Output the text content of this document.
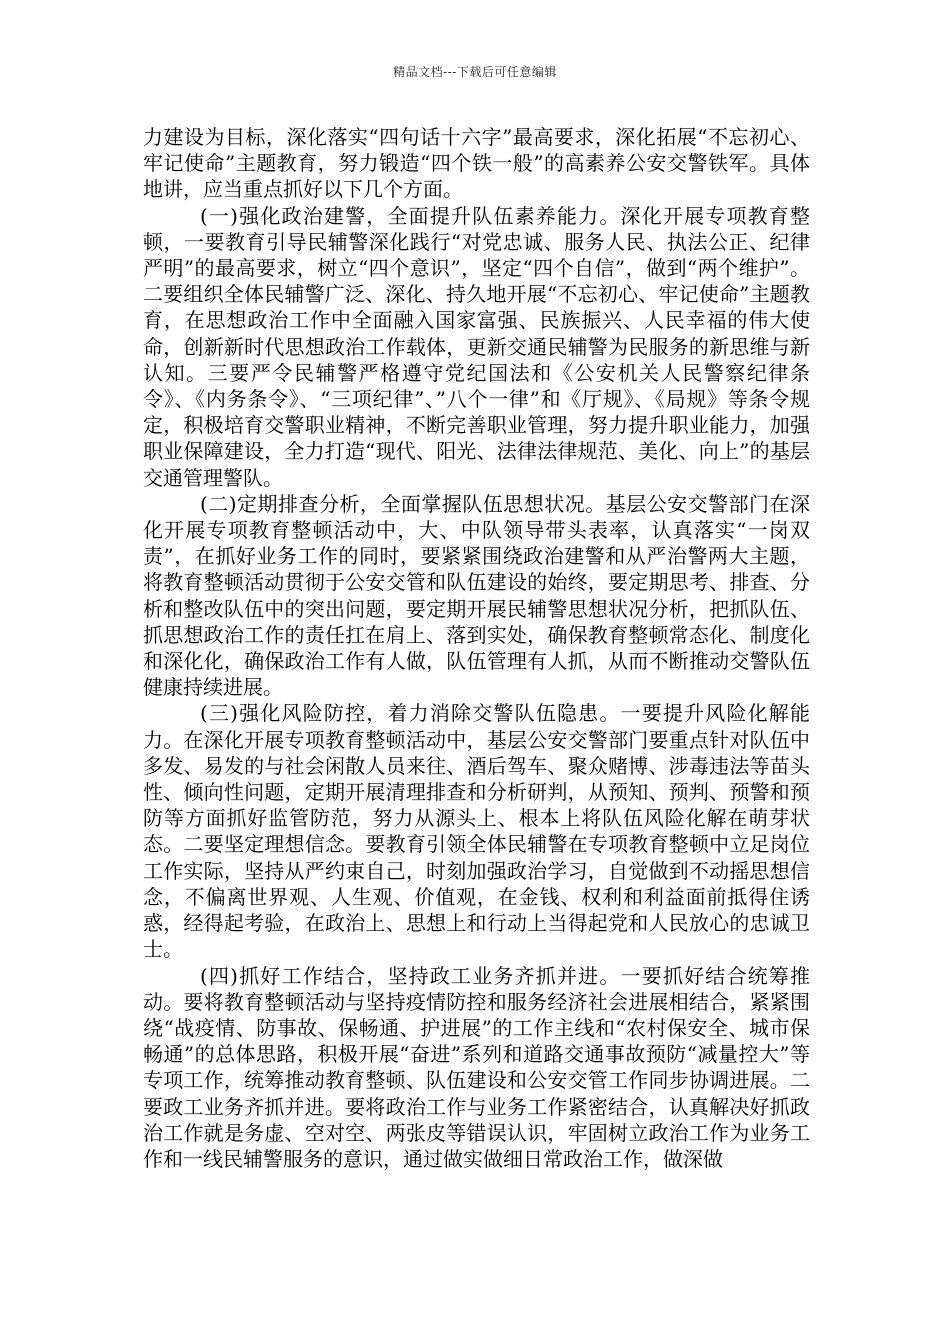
精品文档---下载后可任意编辑

力建设为目标，深化落实“四句话十六字”最高要求，深化拓展“不忘初心、牢记使命”主题教育，努力锻造“四个铁一般”的高素养公安交警铁军。具体地讲，应当重点抓好以下几个方面。

(一)强化政治建警，全面提升队伍素养能力。深化开展专项教育整顿，一要教育引导民辅警深化践行“对党忠诚、服务人民、执法公正、纪律严明”的最高要求，树立“四个意识”，坚定“四个自信”，做到“两个维护”。二要组织全体民辅警广泛、深化、持久地开展“不忘初心、牢记使命”主题教育，在思想政治工作中全面融入国家富强、民族振兴、人民幸福的伟大使命，创新新时代思想政治工作载体，更新交通民辅警为民服务的新思维与新认知。三要严令民辅警严格遵守党纪国法和《公安机关人民警察纪律条令》、《内务条令》、“三项纪律”、”八个一律”和《厅规》、《局规》等条令规定，积极培育交警职业精神，不断完善职业管理，努力提升职业能力，加强职业保障建设，全力打造“现代、阳光、法律法律规范、美化、向上”的基层交通管理警队。

(二)定期排查分析，全面掌握队伍思想状况。基层公安交警部门在深化开展专项教育整顿活动中，大、中队领导带头表率，认真落实“一岗双责”，在抓好业务工作的同时，要紧紧围绕政治建警和从严治警两大主题，将教育整顿活动贯彻于公安交管和队伍建设的始终，要定期思考、排查、分析和整改队伍中的突出问题，要定期开展民辅警思想状况分析，把抓队伍、抓思想政治工作的责任扛在肩上、落到实处，确保教育整顿常态化、制度化和深化化，确保政治工作有人做，队伍管理有人抓，从而不断推动交警队伍健康持续进展。

(三)强化风险防控，着力消除交警队伍隐患。一要提升风险化解能力。在深化开展专项教育整顿活动中，基层公安交警部门要重点针对队伍中多发、易发的与社会闲散人员来往、酒后驾车、聚众赌博、涉毒违法等苗头性、倾向性问题，定期开展清理排查和分析研判，从预知、预判、预警和预防等方面抓好监管防范，努力从源头上、根本上将队伍风险化解在萌芽状态。二要坚定理想信念。要教育引领全体民辅警在专项教育整顿中立足岗位工作实际，坚持从严约束自己，时刻加强政治学习，自觉做到不动摇思想信念，不偏离世界观、人生观、价值观，在金钱、权利和利益面前抵得住诱惑，经得起考验，在政治上、思想上和行动上当得起党和人民放心的忠诚卫士。

(四)抓好工作结合，坚持政工业务齐抓并进。一要抓好结合统筹推动。要将教育整顿活动与坚持疫情防控和服务经济社会进展相结合，紧紧围绕“战疫情、防事故、保畅通、护进展”的工作主线和“农村保安全、城市保畅通”的总体思路，积极开展“奋进”系列和道路交通事故预防“减量控大”等专项工作，统筹推动教育整顿、队伍建设和公安交管工作同步协调进展。二要政工业务齐抓并进。要将政治工作与业务工作紧密结合，认真解决好抓政治工作就是务虚、空对空、两张皮等错误认识，牢固树立政治工作为业务工作和一线民辅警服务的意识，通过做实做细日常政治工作，做深做
